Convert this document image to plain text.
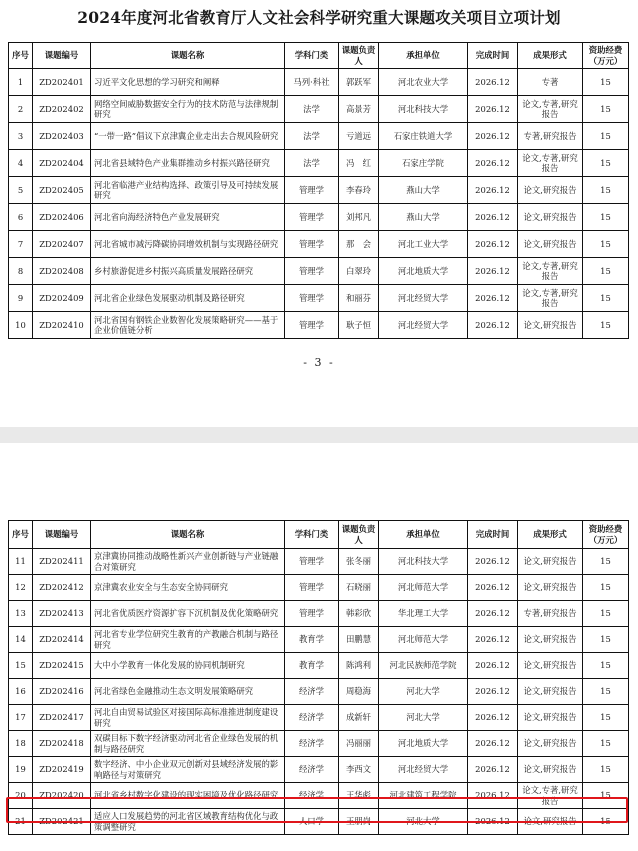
2024年度河北省教育厅人文社会科学研究重大课题攻关项目立项计划
序号	课题编号	课题名称	学科门类	课题负责人	承担单位	完成时间	成果形式	资助经费（万元）
1	ZD202401	习近平文化思想的学习研究和阐释	马列·科社	郭跃军	河北农业大学	2026.12	专著	15
2	ZD202402	网络空间威胁数据安全行为的技术防范与法律规制研究	法学	高景芳	河北科技大学	2026.12	论文,专著,研究报告	15
3	ZD202403	“一带一路”倡议下京津冀企业走出去合规风险研究	法学	亏道远	石家庄铁道大学	2026.12	专著,研究报告	15
4	ZD202404	河北省县域特色产业集群推动乡村振兴路径研究	法学	冯　红	石家庄学院	2026.12	论文,专著,研究报告	15
5	ZD202405	河北省临港产业结构选择、政策引导及可持续发展研究	管理学	李春玲	燕山大学	2026.12	论文,研究报告	15
6	ZD202406	河北省向海经济特色产业发展研究	管理学	刘邦凡	燕山大学	2026.12	论文,研究报告	15
7	ZD202407	河北省城市减污降碳协同增效机制与实现路径研究	管理学	那　会	河北工业大学	2026.12	论文,研究报告	15
8	ZD202408	乡村旅游促进乡村振兴高质量发展路径研究	管理学	白翠玲	河北地质大学	2026.12	论文,专著,研究报告	15
9	ZD202409	河北省企业绿色发展驱动机制及路径研究	管理学	和丽芬	河北经贸大学	2026.12	论文,专著,研究报告	15
10	ZD202410	河北省国有钢铁企业数智化发展策略研究——基于企业价值链分析	管理学	耿子恒	河北经贸大学	2026.12	论文,研究报告	15
- 3 -
序号	课题编号	课题名称	学科门类	课题负责人	承担单位	完成时间	成果形式	资助经费（万元）
11	ZD202411	京津冀协同推动战略性新兴产业创新链与产业链融合对策研究	管理学	张冬丽	河北科技大学	2026.12	论文,研究报告	15
12	ZD202412	京津冀农业安全与生态安全协同研究	管理学	石晓丽	河北师范大学	2026.12	论文,研究报告	15
13	ZD202413	河北省优质医疗资源扩容下沉机制及优化策略研究	管理学	韩彩欣	华北理工大学	2026.12	专著,研究报告	15
14	ZD202414	河北省专业学位研究生教育的产教融合机制与路径研究	教育学	田鹏慧	河北师范大学	2026.12	论文,研究报告	15
15	ZD202415	大中小学教育一体化发展的协同机制研究	教育学	陈鸿利	河北民族师范学院	2026.12	论文,研究报告	15
16	ZD202416	河北省绿色金融推动生态文明发展策略研究	经济学	周稳海	河北大学	2026.12	论文,研究报告	15
17	ZD202417	河北自由贸易试验区对接国际高标准推进制度建设研究	经济学	成新轩	河北大学	2026.12	论文,研究报告	15
18	ZD202418	双碳目标下数字经济驱动河北省企业绿色发展的机制与路径研究	经济学	冯丽丽	河北地质大学	2026.12	论文,研究报告	15
19	ZD202419	数字经济、中小企业双元创新对县域经济发展的影响路径与对策研究	经济学	李西文	河北经贸大学	2026.12	论文,研究报告	15
20	ZD202420	河北省乡村数字化建设的现实困境及优化路径研究	经济学	王华彪	河北建筑工程学院	2026.12	论文,专著,研究报告	15
21	ZD202421	适应人口发展趋势的河北省区域教育结构优化与政策调整研究	人口学	王朋岗	河北大学	2026.12	论文,研究报告	15
